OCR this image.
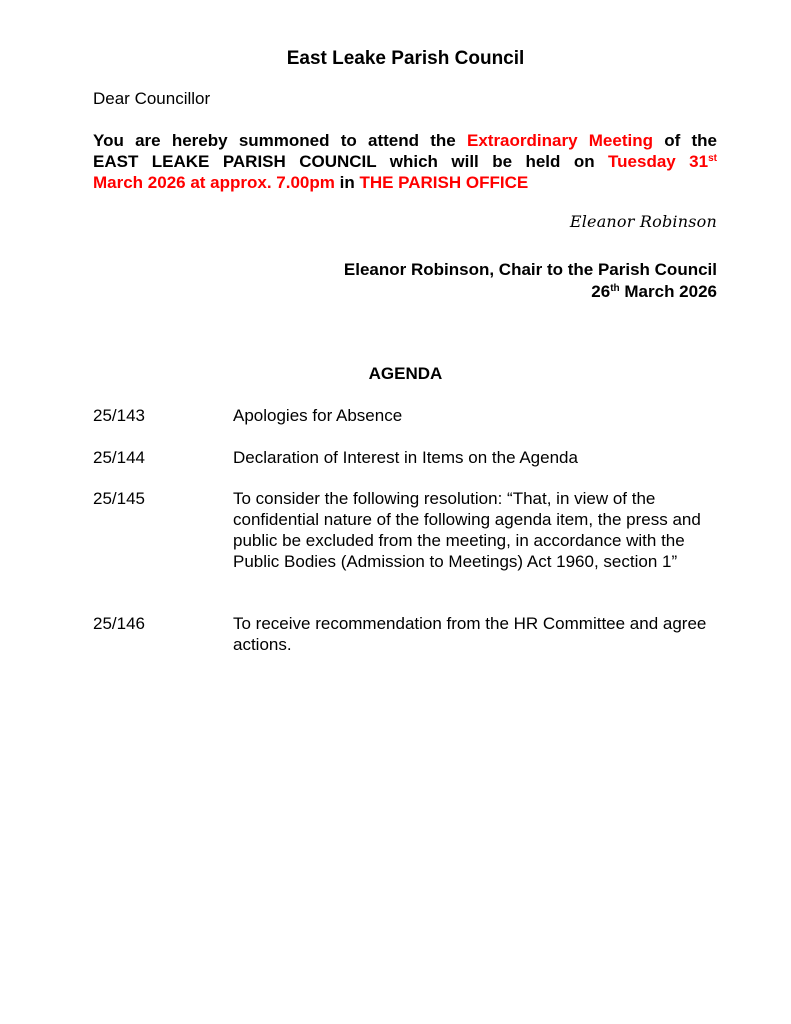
East Leake Parish Council
Dear Councillor
You are hereby summoned to attend the Extraordinary Meeting of the
EAST LEAKE PARISH COUNCIL which will be held on Tuesday 31st
March 2026 at approx. 7.00pm in THE PARISH OFFICE
Eleanor Robinson
Eleanor Robinson, Chair to the Parish Council
26th March 2026
AGENDA
25/143	Apologies for Absence
25/144	Declaration of Interest in Items on the Agenda
25/145	To consider the following resolution: “That, in view of the confidential nature of the following agenda item, the press and public be excluded from the meeting, in accordance with the Public Bodies (Admission to Meetings) Act 1960, section 1”
25/146	To receive recommendation from the HR Committee and agree actions.
